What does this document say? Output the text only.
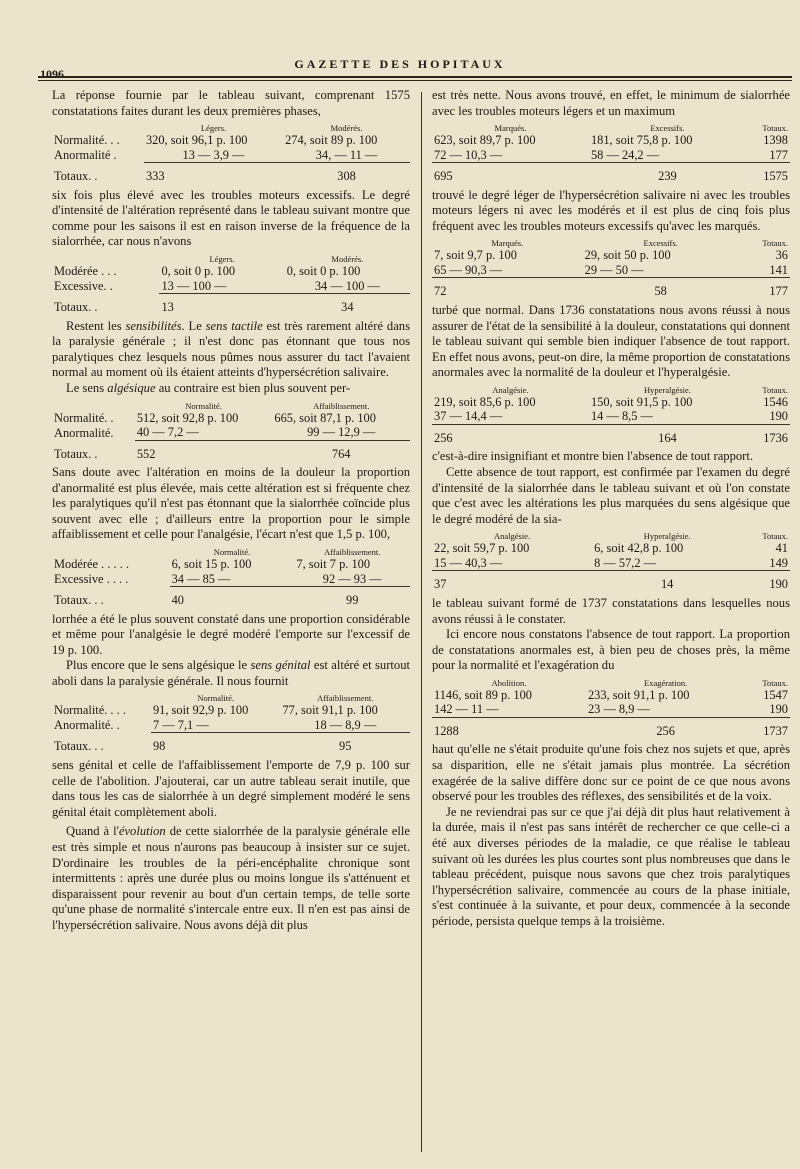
1096
GAZETTE DES HOPITAUX

La réponse fournie par le tableau suivant, comprenant 1575 constatations faites durant les deux premières phases,

	Légers.	Modérés.
Normalité. . .	320, soit 96,1 p. 100	274, soit 89 p. 100
Anormalité .	13 — 3,9 —	34, — 11 —
Totaux. .	333	308

six fois plus élevé avec les troubles moteurs excessifs. Le degré d'intensité de l'altération représenté dans le tableau suivant montre que comme pour les saisons il est en raison inverse de la fréquence de la sialorrhée, car nous n'avons

	Légers.	Modérés.
Modérée . . .	0, soit 0 p. 100	0, soit 0 p. 100
Excessive. .	13 — 100 —	34 — 100 —
Totaux. .	13	34

Restent les sensibilités. Le sens tactile est très rarement altéré dans la paralysie générale ; il n'est donc pas étonnant que tous nos paralytiques chez lesquels nous pûmes nous assurer du tact l'avaient normal au moment où ils étaient atteints d'hypersécrétion salivaire.

Le sens algésique au contraire est bien plus souvent per-

	Normalité.	Affaiblissement.
Normalité. .	512, soit 92,8 p. 100	665, soit 87,1 p. 100
Anormalité.	40 — 7,2 —	99 — 12,9 —
Totaux. .	552	764

Sans doute avec l'altération en moins de la douleur la proportion d'anormalité est plus élevée, mais cette altération est si fréquente chez les paralytiques qu'il n'est pas étonnant que la sialorrhée coïncide plus souvent avec elle ; d'ailleurs entre la proportion pour le simple affaiblissement et celle pour l'analgésie, l'écart n'est que 1,5 p. 100,

	Normalité.	Affaiblissement.
Modérée . . . . .	6, soit 15 p. 100	7, soit 7 p. 100
Excessive . . . .	34 — 85 —	92 — 93 —
Totaux. . .	40	99

lorrhée a été le plus souvent constaté dans une proportion considérable et même pour l'analgésie le degré modéré l'emporte sur l'excessif de 19 p. 100.

Plus encore que le sens algésique le sens génital est altéré et surtout aboli dans la paralysie générale. Il nous fournit

	Normalité.	Affaiblissement.
Normalité. . . .	91, soit 92,9 p. 100	77, soit 91,1 p. 100
Anormalité. .	7 — 7,1 —	18 — 8,9 —
Totaux. . .	98	95

sens génital et celle de l'affaiblissement l'emporte de 7,9 p. 100 sur celle de l'abolition. J'ajouterai, car un autre tableau serait inutile, que dans tous les cas de sialorrhée à un degré simplement modéré le sens génital était complètement aboli.

Quand à l'évolution de cette sialorrhée de la paralysie générale elle est très simple et nous n'aurons pas beaucoup à insister sur ce sujet. D'ordinaire les troubles de la péri-encéphalite chronique sont intermittents : après une durée plus ou moins longue ils s'atténuent et disparaissent pour revenir au bout d'un certain temps, de telle sorte qu'une phase de normalité s'intercale entre eux. Il n'en est pas ainsi de l'hypersécrétion salivaire. Nous avons déjà dit plus

est très nette. Nous avons trouvé, en effet, le minimum de sialorrhée avec les troubles moteurs légers et un maximum

Marqués.	Excessifs.	Totaux.
623, soit 89,7 p. 100	181, soit 75,8 p. 100	1398
72 — 10,3 —	58 — 24,2 —	177
695	239	1575

trouvé le degré léger de l'hypersécrétion salivaire ni avec les troubles moteurs légers ni avec les modérés et il est plus de cinq fois plus fréquent avec les troubles moteurs excessifs qu'avec les marqués.

Marqués.	Excessifs.	Totaux.
7, soit 9,7 p. 100	29, soit 50 p. 100	36
65 — 90,3 —	29 — 50 —	141
72	58	177

turbé que normal. Dans 1736 constatations nous avons réussi à nous assurer de l'état de la sensibilité à la douleur, constatations qui donnent le tableau suivant qui semble bien indiquer l'absence de tout rapport. En effet nous avons, peut-on dire, la même proportion de constatations anormales avec la normalité de la douleur et l'hyperalgésie.

Analgésie.	Hyperalgésie.	Totaux.
219, soit 85,6 p. 100	150, soit 91,5 p. 100	1546
37 — 14,4 —	14 — 8,5 —	190
256	164	1736

c'est-à-dire insignifiant et montre bien l'absence de tout rapport.

Cette absence de tout rapport, est confirmée par l'examen du degré d'intensité de la sialorrhée dans le tableau suivant et où l'on constate que c'est avec les altérations les plus marquées du sens algésique que le degré modéré de la sia-

Analgésie.	Hyperalgésie.	Totaux.
22, soit 59,7 p. 100	6, soit 42,8 p. 100	41
15 — 40,3 —	8 — 57,2 —	149
37	14	190

le tableau suivant formé de 1737 constatations dans lesquelles nous avons réussi à le constater.

Ici encore nous constatons l'absence de tout rapport. La proportion de constatations anormales est, à bien peu de choses près, la même pour la normalité et l'exagération du

Abolition.	Exagération.	Totaux.
1146, soit 89 p. 100	233, soit 91,1 p. 100	1547
142 — 11 —	23 — 8,9 —	190
1288	256	1737

haut qu'elle ne s'était produite qu'une fois chez nos sujets et que, après sa disparition, elle ne s'était jamais plus montrée. La sécrétion exagérée de la salive diffère donc sur ce point de ce que nous avons observé pour les troubles des réflexes, des sensibilités et de la voix.

Je ne reviendrai pas sur ce que j'ai déjà dit plus haut relativement à la durée, mais il n'est pas sans intérêt de rechercher ce que celle-ci a été aux diverses périodes de la maladie, ce que réalise le tableau suivant où les durées les plus courtes sont plus nombreuses que dans le tableau précédent, puisque nous savons que chez trois paralytiques l'hypersécrétion salivaire, commencée au cours de la phase initiale, s'est continuée à la suivante, et pour deux, commencée à la seconde période, persista quelque temps à la troisième.
